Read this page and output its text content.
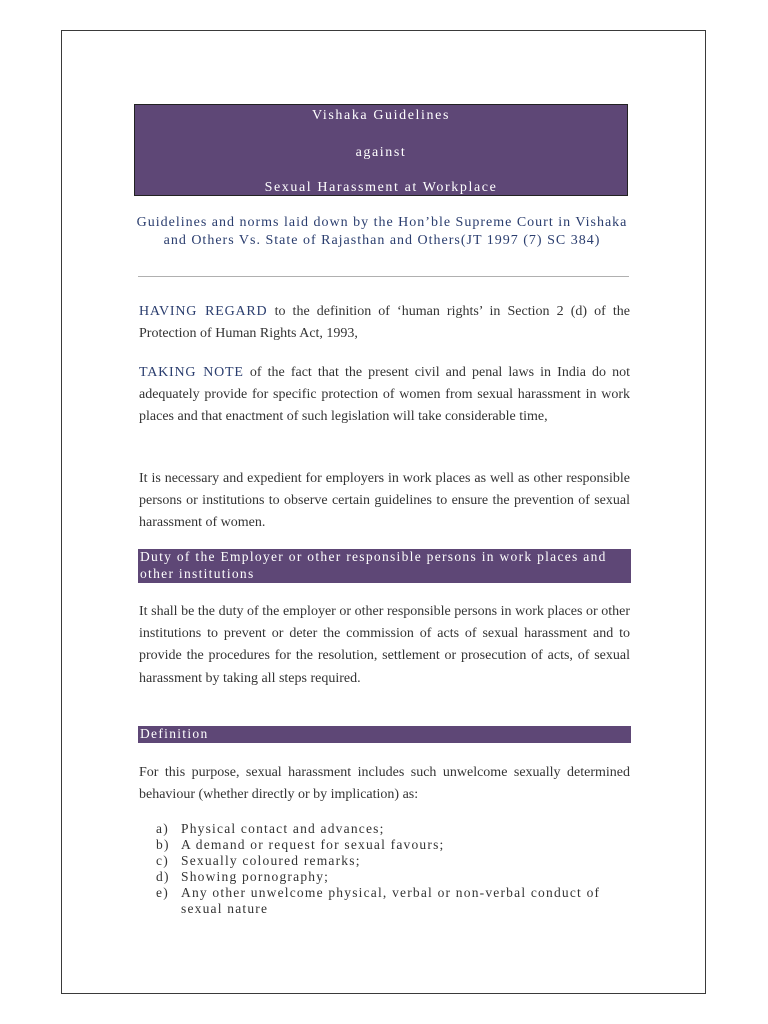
Vishaka Guidelines
against
Sexual Harassment at Workplace
Guidelines and norms laid down by the Hon’ble Supreme Court in Vishaka and Others Vs. State of Rajasthan and Others(JT 1997 (7) SC 384)
HAVING REGARD to the definition of ‘human rights’ in Section 2 (d) of the Protection of Human Rights Act, 1993,
TAKING NOTE of the fact that the present civil and penal laws in India do not adequately provide for specific protection of women from sexual harassment in work places and that enactment of such legislation will take considerable time,
It is necessary and expedient for employers in work places as well as other responsible persons or institutions to observe certain guidelines to ensure the prevention of sexual harassment of women.
Duty of the Employer or other responsible persons in work places and other institutions
It shall be the duty of the employer or other responsible persons in work places or other institutions to prevent or deter the commission of acts of sexual harassment and to provide the procedures for the resolution, settlement or prosecution of acts, of sexual harassment by taking all steps required.
Definition
For this purpose, sexual harassment includes such unwelcome sexually determined behaviour (whether directly or by implication) as:
a) Physical contact and advances;
b) A demand or request for sexual favours;
c) Sexually coloured remarks;
d) Showing pornography;
e) Any other unwelcome physical, verbal or non-verbal conduct of sexual nature
